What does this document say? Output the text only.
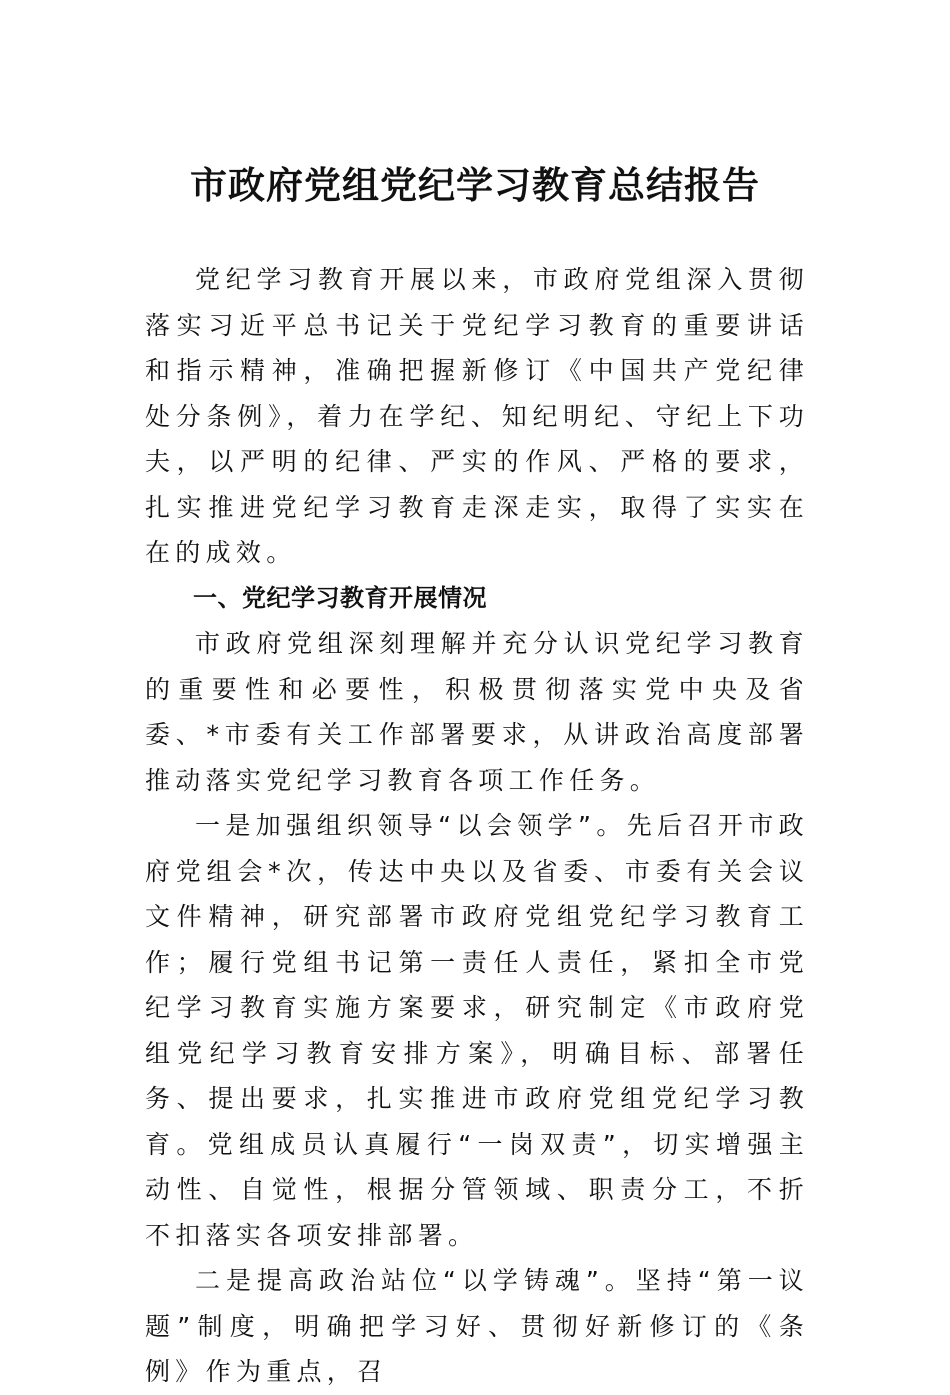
市政府党组党纪学习教育总结报告

党纪学习教育开展以来，市政府党组深入贯彻落实习近平总书记关于党纪学习教育的重要讲话和指示精神，准确把握新修订《中国共产党纪律处分条例》，着力在学纪、知纪明纪、守纪上下功夫，以严明的纪律、严实的作风、严格的要求，扎实推进党纪学习教育走深走实，取得了实实在在的成效。

一、党纪学习教育开展情况

市政府党组深刻理解并充分认识党纪学习教育的重要性和必要性，积极贯彻落实党中央及省委、*市委有关工作部署要求，从讲政治高度部署推动落实党纪学习教育各项工作任务。

一是加强组织领导“以会领学”。先后召开市政府党组会*次，传达中央以及省委、市委有关会议文件精神，研究部署市政府党组党纪学习教育工作；履行党组书记第一责任人责任，紧扣全市党纪学习教育实施方案要求，研究制定《市政府党组党纪学习教育安排方案》，明确目标、部署任务、提出要求，扎实推进市政府党组党纪学习教育。党组成员认真履行“一岗双责”，切实增强主动性、自觉性，根据分管领域、职责分工，不折不扣落实各项安排部署。

二是提高政治站位“以学铸魂”。坚持“第一议题”制度，明确把学习好、贯彻好新修订的《条例》作为重点，召
